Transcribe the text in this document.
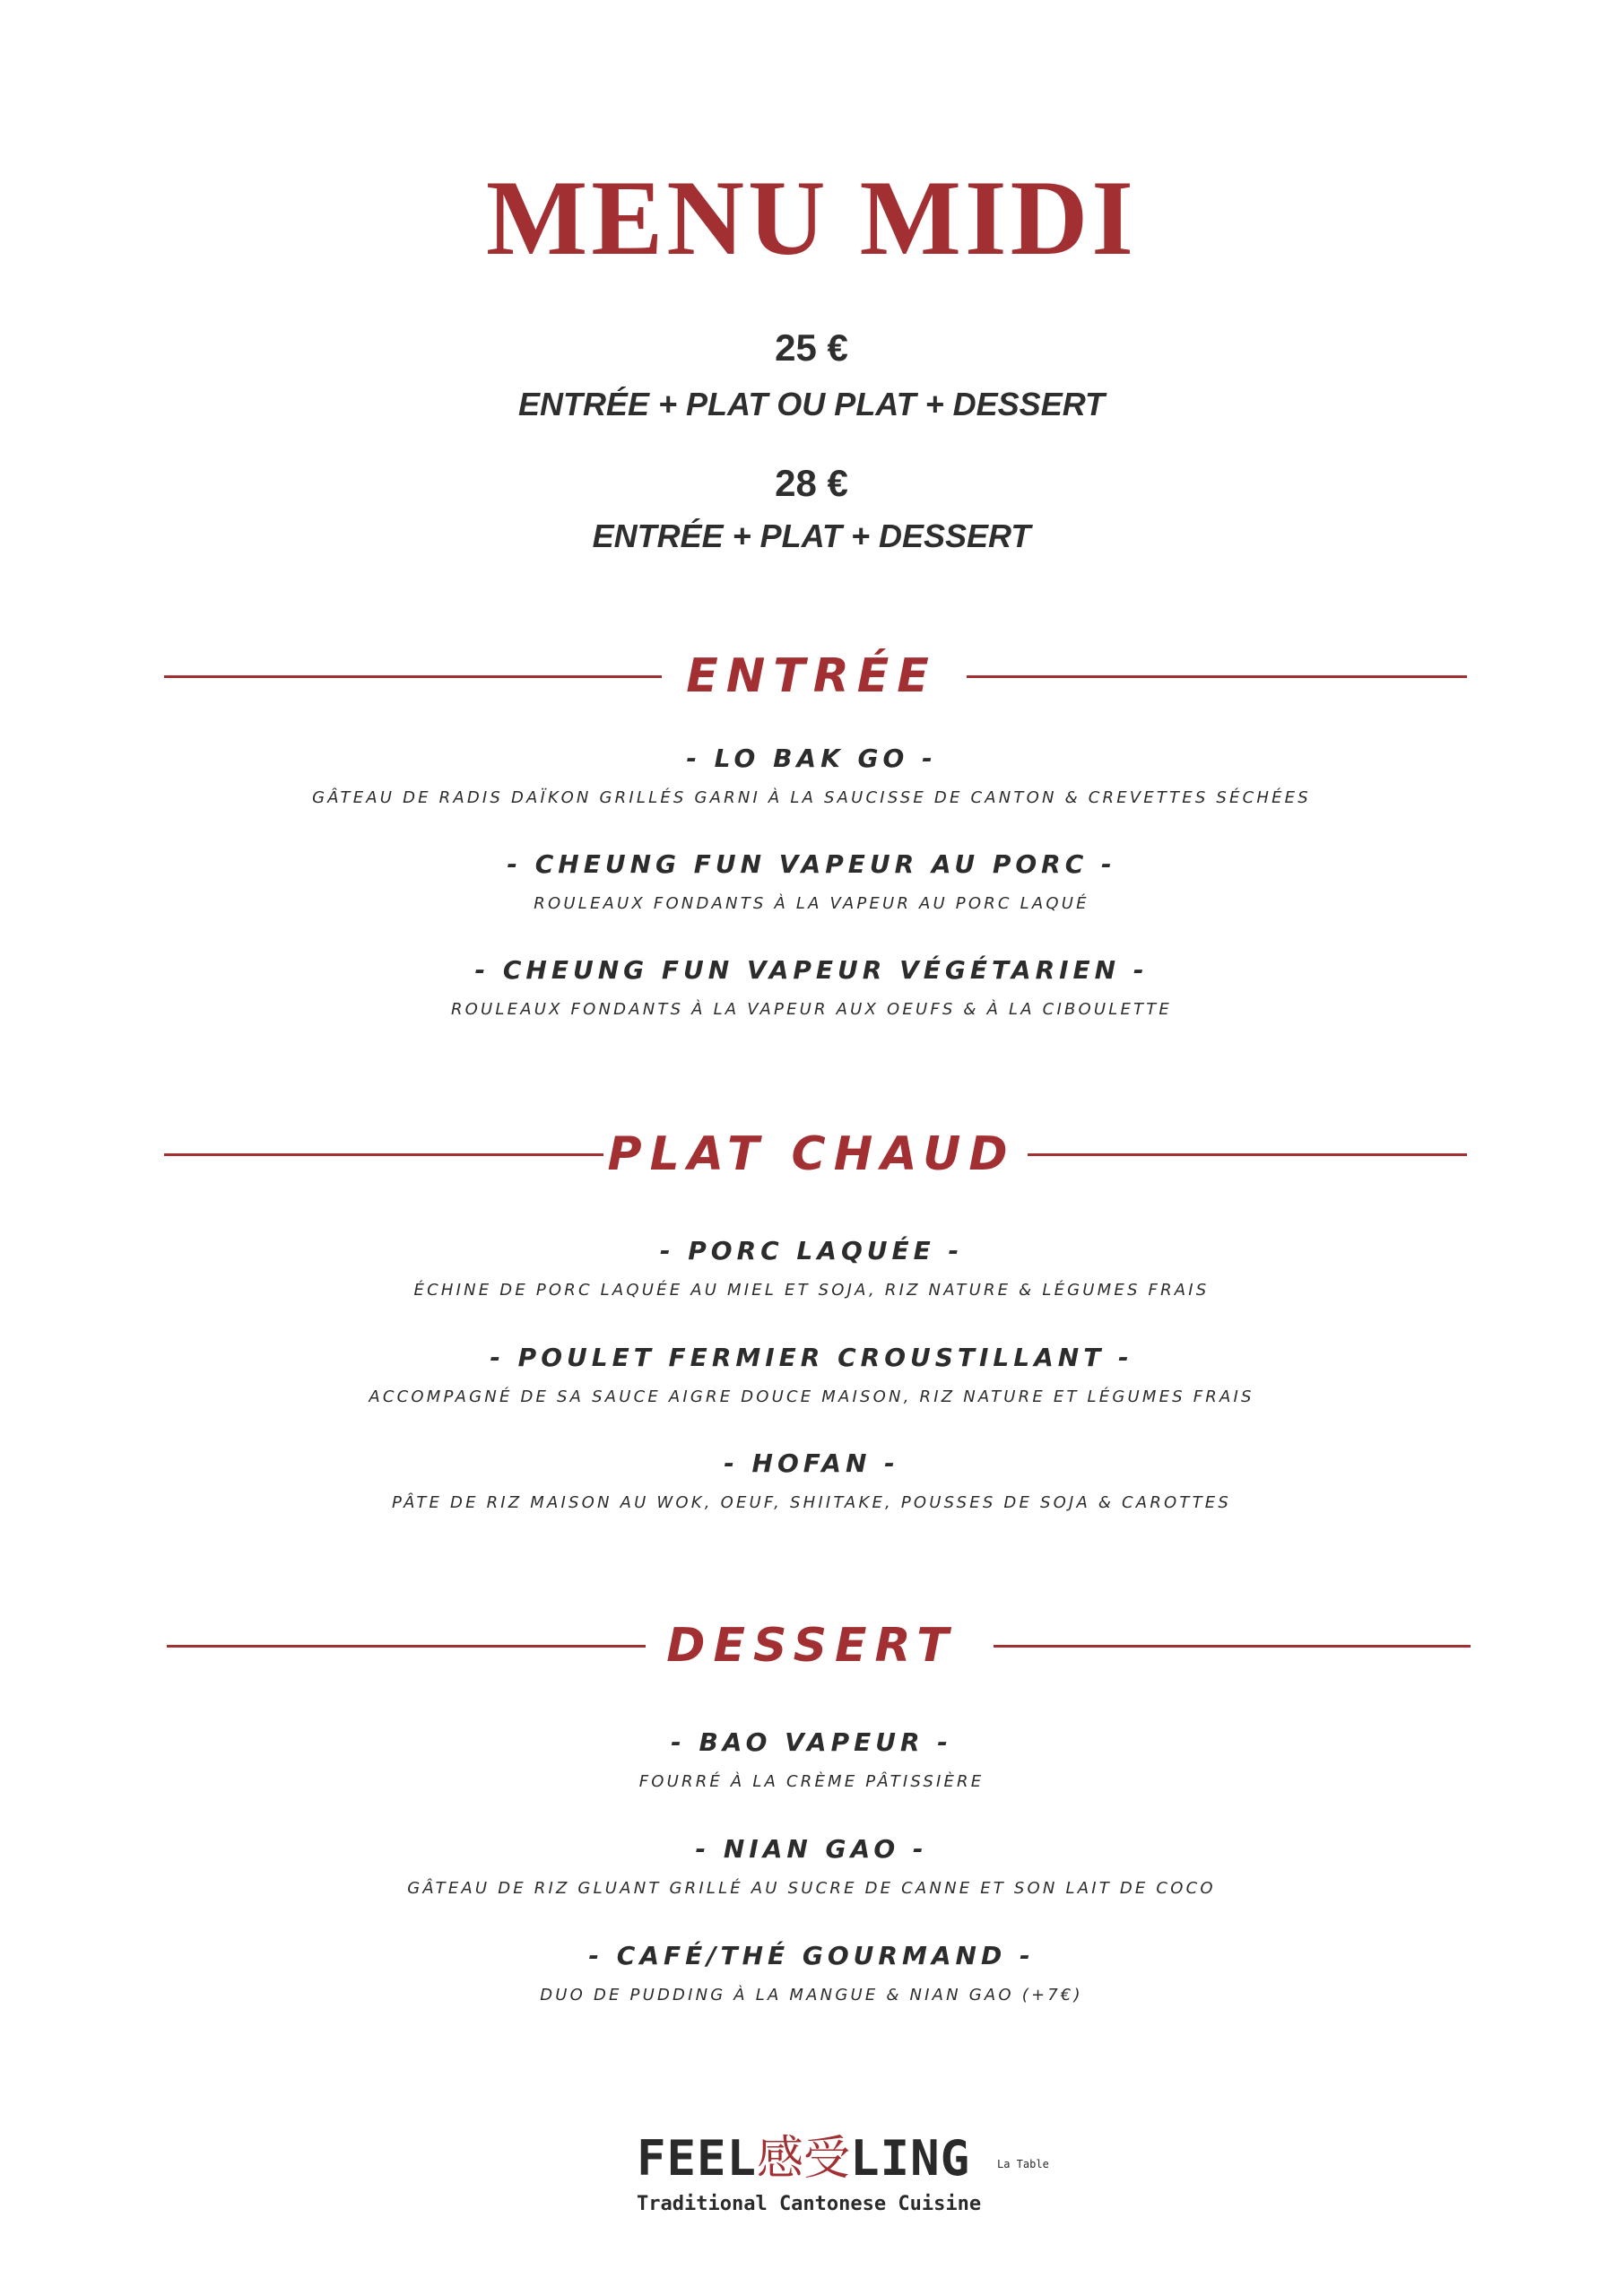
MENU MIDI
25 €
ENTRÉE + PLAT OU PLAT + DESSERT
28 €
ENTRÉE + PLAT + DESSERT
ENTRÉE
- LO BAK GO -
GÂTEAU DE RADIS DAÏKON GRILLÉS GARNI À LA SAUCISSE DE CANTON & CREVETTES SÉCHÉES
- CHEUNG FUN VAPEUR AU PORC -
ROULEAUX FONDANTS À LA VAPEUR AU PORC LAQUÉ
- CHEUNG FUN VAPEUR VÉGÉTARIEN -
ROULEAUX FONDANTS À LA VAPEUR AUX OEUFS & À LA CIBOULETTE
PLAT CHAUD
- PORC LAQUÉE -
ÉCHINE DE PORC LAQUÉE AU MIEL ET SOJA, RIZ NATURE & LÉGUMES FRAIS
- POULET FERMIER CROUSTILLANT -
ACCOMPAGNÉ DE SA SAUCE AIGRE DOUCE MAISON, RIZ NATURE ET LÉGUMES FRAIS
- HOFAN -
PÂTE DE RIZ MAISON AU WOK, OEUF, SHIITAKE, POUSSES DE SOJA & CAROTTES
DESSERT
- BAO VAPEUR -
FOURRÉ À LA CRÈME PÂTISSIÈRE
- NIAN GAO -
GÂTEAU DE RIZ GLUANT GRILLÉ AU SUCRE DE CANNE ET SON LAIT DE COCO
- CAFÉ/THÉ GOURMAND -
DUO DE PUDDING À LA MANGUE & NIAN GAO (+7€)
FEEL感受LING La Table
Traditional Cantonese Cuisine
